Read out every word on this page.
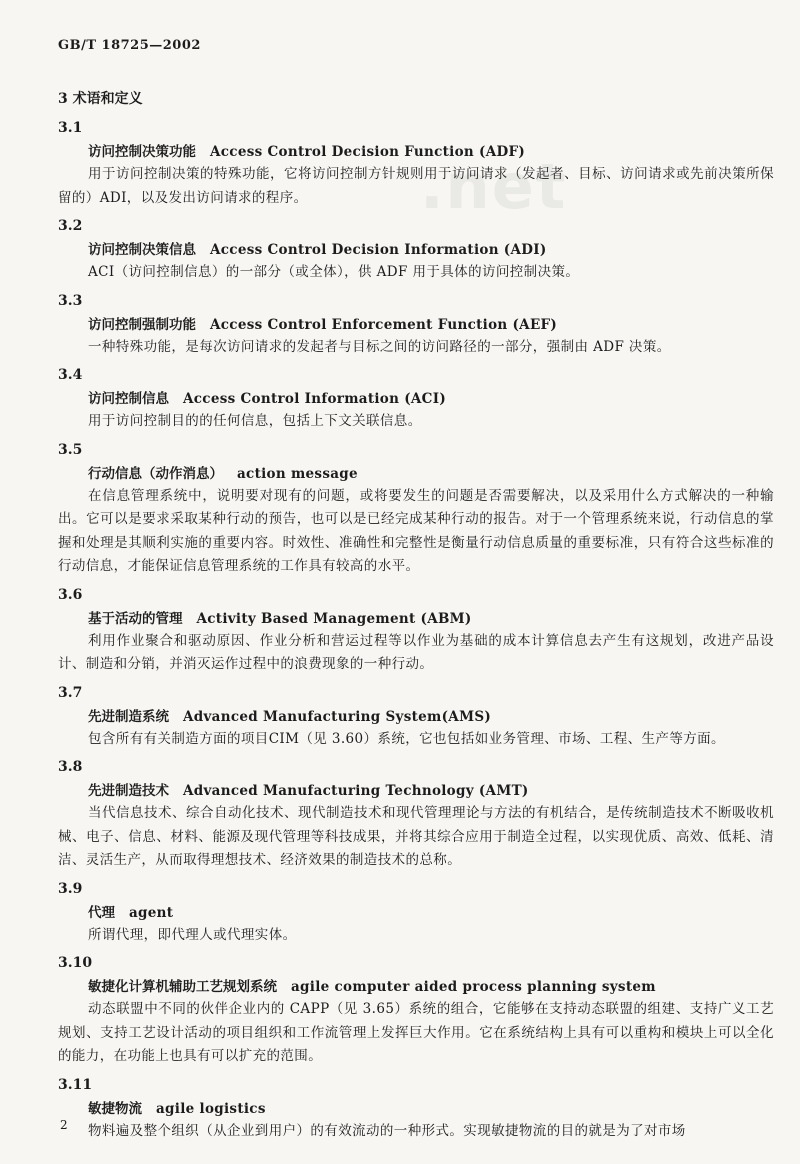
GB/T 18725—2002
.net
3 术语和定义
3.1
访问控制决策功能 Access Control Decision Function (ADF)
用于访问控制决策的特殊功能，它将访问控制方针规则用于访问请求（发起者、目标、访问请求或先前决策所保留的）ADI，以及发出访问请求的程序。
3.2
访问控制决策信息 Access Control Decision Information (ADI)
ACI（访问控制信息）的一部分（或全体），供 ADF 用于具体的访问控制决策。
3.3
访问控制强制功能 Access Control Enforcement Function (AEF)
一种特殊功能，是每次访问请求的发起者与目标之间的访问路径的一部分，强制由 ADF 决策。
3.4
访问控制信息 Access Control Information (ACI)
用于访问控制目的的任何信息，包括上下文关联信息。
3.5
行动信息（动作消息） action message
在信息管理系统中，说明要对现有的问题，或将要发生的问题是否需要解决，以及采用什么方式解决的一种输出。它可以是要求采取某种行动的预告，也可以是已经完成某种行动的报告。对于一个管理系统来说，行动信息的掌握和处理是其顺利实施的重要内容。时效性、准确性和完整性是衡量行动信息质量的重要标准，只有符合这些标准的行动信息，才能保证信息管理系统的工作具有较高的水平。
3.6
基于活动的管理 Activity Based Management (ABM)
利用作业聚合和驱动原因、作业分析和营运过程等以作业为基础的成本计算信息去产生有这规划，改进产品设计、制造和分销，并消灭运作过程中的浪费现象的一种行动。
3.7
先进制造系统 Advanced Manufacturing System(AMS)
包含所有有关制造方面的项目CIM（见 3.60）系统，它也包括如业务管理、市场、工程、生产等方面。
3.8
先进制造技术 Advanced Manufacturing Technology (AMT)
当代信息技术、综合自动化技术、现代制造技术和现代管理理论与方法的有机结合，是传统制造技术不断吸收机械、电子、信息、材料、能源及现代管理等科技成果，并将其综合应用于制造全过程，以实现优质、高效、低耗、清洁、灵活生产，从而取得理想技术、经济效果的制造技术的总称。
3.9
代理 agent
所谓代理，即代理人或代理实体。
3.10
敏捷化计算机辅助工艺规划系统 agile computer aided process planning system
动态联盟中不同的伙伴企业内的 CAPP（见 3.65）系统的组合，它能够在支持动态联盟的组建、支持广义工艺规划、支持工艺设计活动的项目组织和工作流管理上发挥巨大作用。它在系统结构上具有可以重构和模块上可以全化的能力，在功能上也具有可以扩充的范围。
3.11
敏捷物流 agile logistics
物料遍及整个组织（从企业到用户）的有效流动的一种形式。实现敏捷物流的目的就是为了对市场
2
